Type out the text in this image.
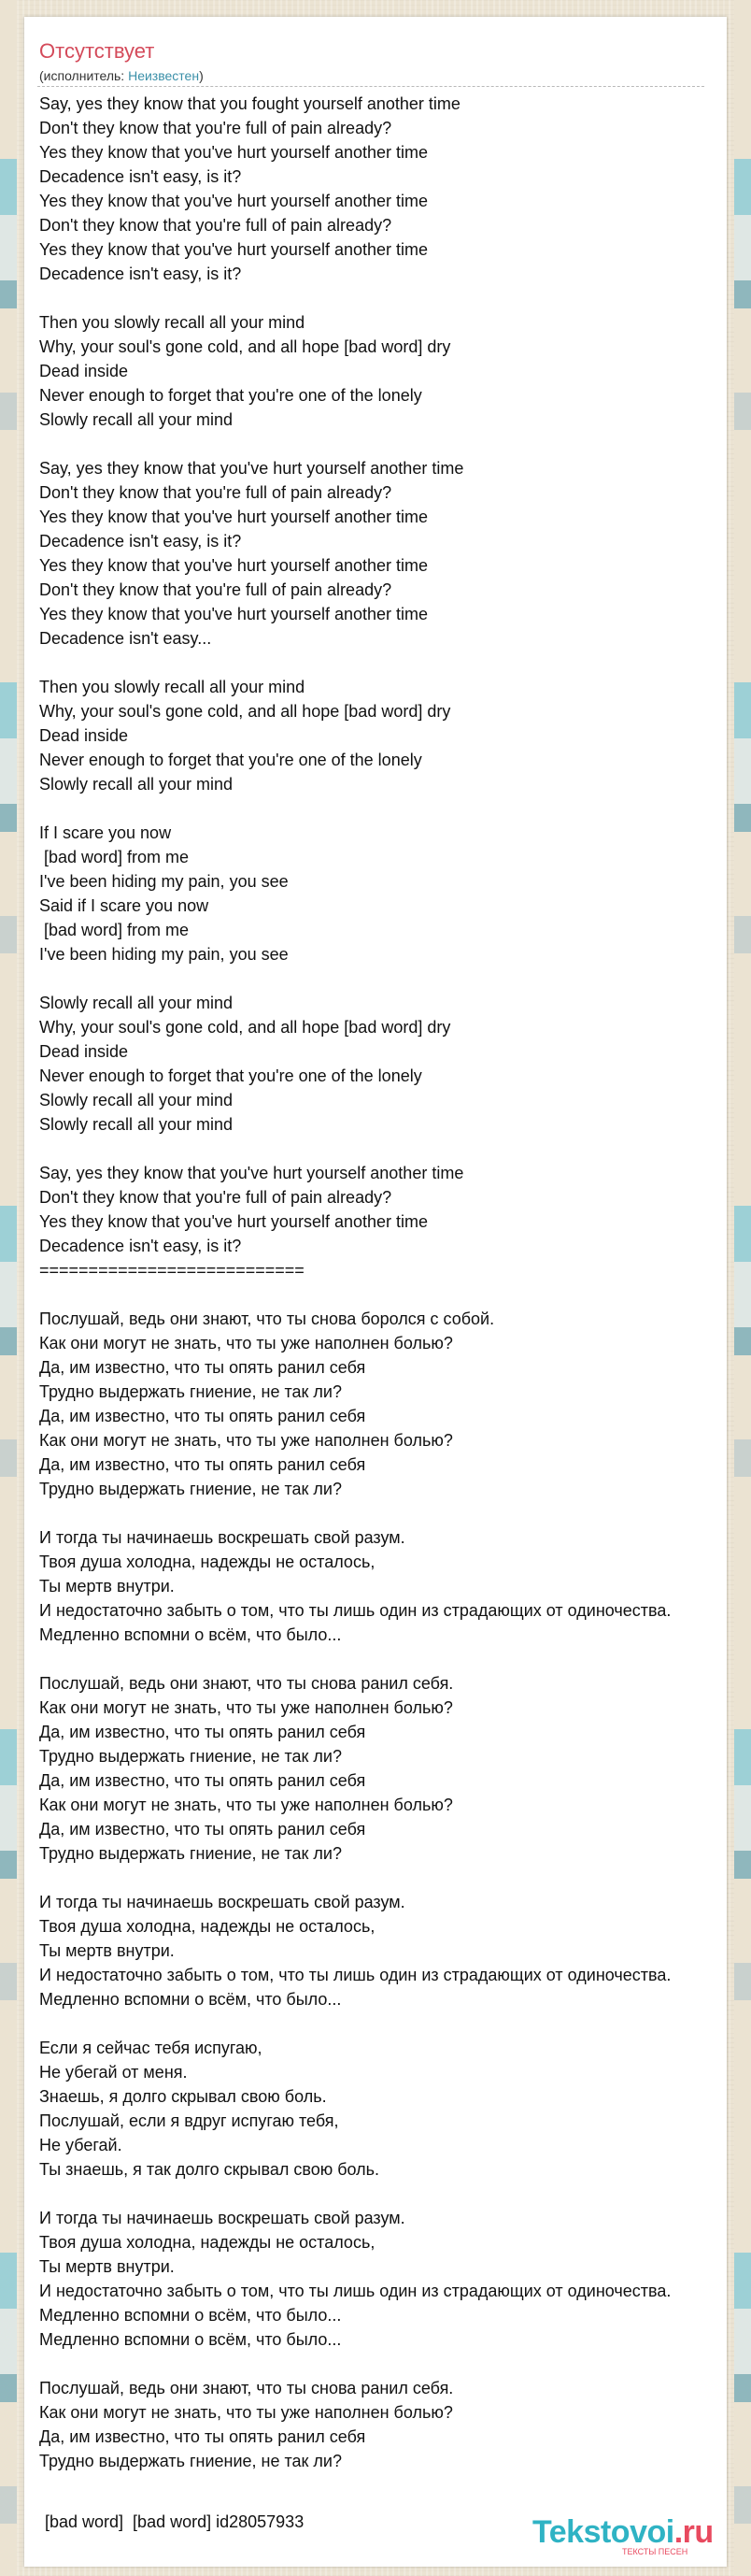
Отсутствует
(исполнитель: Неизвестен)
Say, yes they know that you fought yourself another time
Don't they know that you're full of pain already?
Yes they know that you've hurt yourself another time
Decadence isn't easy, is it?
Yes they know that you've hurt yourself another time
Don't they know that you're full of pain already?
Yes they know that you've hurt yourself another time
Decadence isn't easy, is it?

Then you slowly recall all your mind
Why, your soul's gone cold, and all hope [bad word] dry
Dead inside
Never enough to forget that you're one of the lonely
Slowly recall all your mind

Say, yes they know that you've hurt yourself another time
Don't they know that you're full of pain already?
Yes they know that you've hurt yourself another time
Decadence isn't easy, is it?
Yes they know that you've hurt yourself another time
Don't they know that you're full of pain already?
Yes they know that you've hurt yourself another time
Decadence isn't easy...

Then you slowly recall all your mind
Why, your soul's gone cold, and all hope [bad word] dry
Dead inside
Never enough to forget that you're one of the lonely
Slowly recall all your mind

If I scare you now
[bad word] from me
I've been hiding my pain, you see
Said if I scare you now
[bad word] from me
I've been hiding my pain, you see

Slowly recall all your mind
Why, your soul's gone cold, and all hope [bad word] dry
Dead inside
Never enough to forget that you're one of the lonely
Slowly recall all your mind
Slowly recall all your mind

Say, yes they know that you've hurt yourself another time
Don't they know that you're full of pain already?
Yes they know that you've hurt yourself another time
Decadence isn't easy, is it?
===========================

Послушай, ведь они знают, что ты снова боролся с собой.
Как они могут не знать, что ты уже наполнен болью?
Да, им известно, что ты опять ранил себя
Трудно выдержать гниение, не так ли?
Да, им известно, что ты опять ранил себя
Как они могут не знать, что ты уже наполнен болью?
Да, им известно, что ты опять ранил себя
Трудно выдержать гниение, не так ли?

И тогда ты начинаешь воскрешать свой разум.
Твоя душа холодна, надежды не осталось,
Ты мертв внутри.
И недостаточно забыть о том, что ты лишь один из страдающих от одиночества.
Медленно вспомни о всём, что было...

Послушай, ведь они знают, что ты снова ранил себя.
Как они могут не знать, что ты уже наполнен болью?
Да, им известно, что ты опять ранил себя
Трудно выдержать гниение, не так ли?
Да, им известно, что ты опять ранил себя
Как они могут не знать, что ты уже наполнен болью?
Да, им известно, что ты опять ранил себя
Трудно выдержать гниение, не так ли?

И тогда ты начинаешь воскрешать свой разум.
Твоя душа холодна, надежды не осталось,
Ты мертв внутри.
И недостаточно забыть о том, что ты лишь один из страдающих от одиночества.
Медленно вспомни о всём, что было...

Если я сейчас тебя испугаю,
Не убегай от меня.
Знаешь, я долго скрывал свою боль.
Послушай, если я вдруг испугаю тебя,
Не убегай.
Ты знаешь, я так долго скрывал свою боль.

И тогда ты начинаешь воскрешать свой разум.
Твоя душа холодна, надежды не осталось,
Ты мертв внутри.
И недостаточно забыть о том, что ты лишь один из страдающих от одиночества.
Медленно вспомни о всём, что было...
Медленно вспомни о всём, что было...

Послушай, ведь они знают, что ты снова ранил себя.
Как они могут не знать, что ты уже наполнен болью?
Да, им известно, что ты опять ранил себя
Трудно выдержать гниение, не так ли?
[bad word]  [bad word] id28057933	Tekstovoi.ru
ТЕКСТЫ ПЕСЕН
